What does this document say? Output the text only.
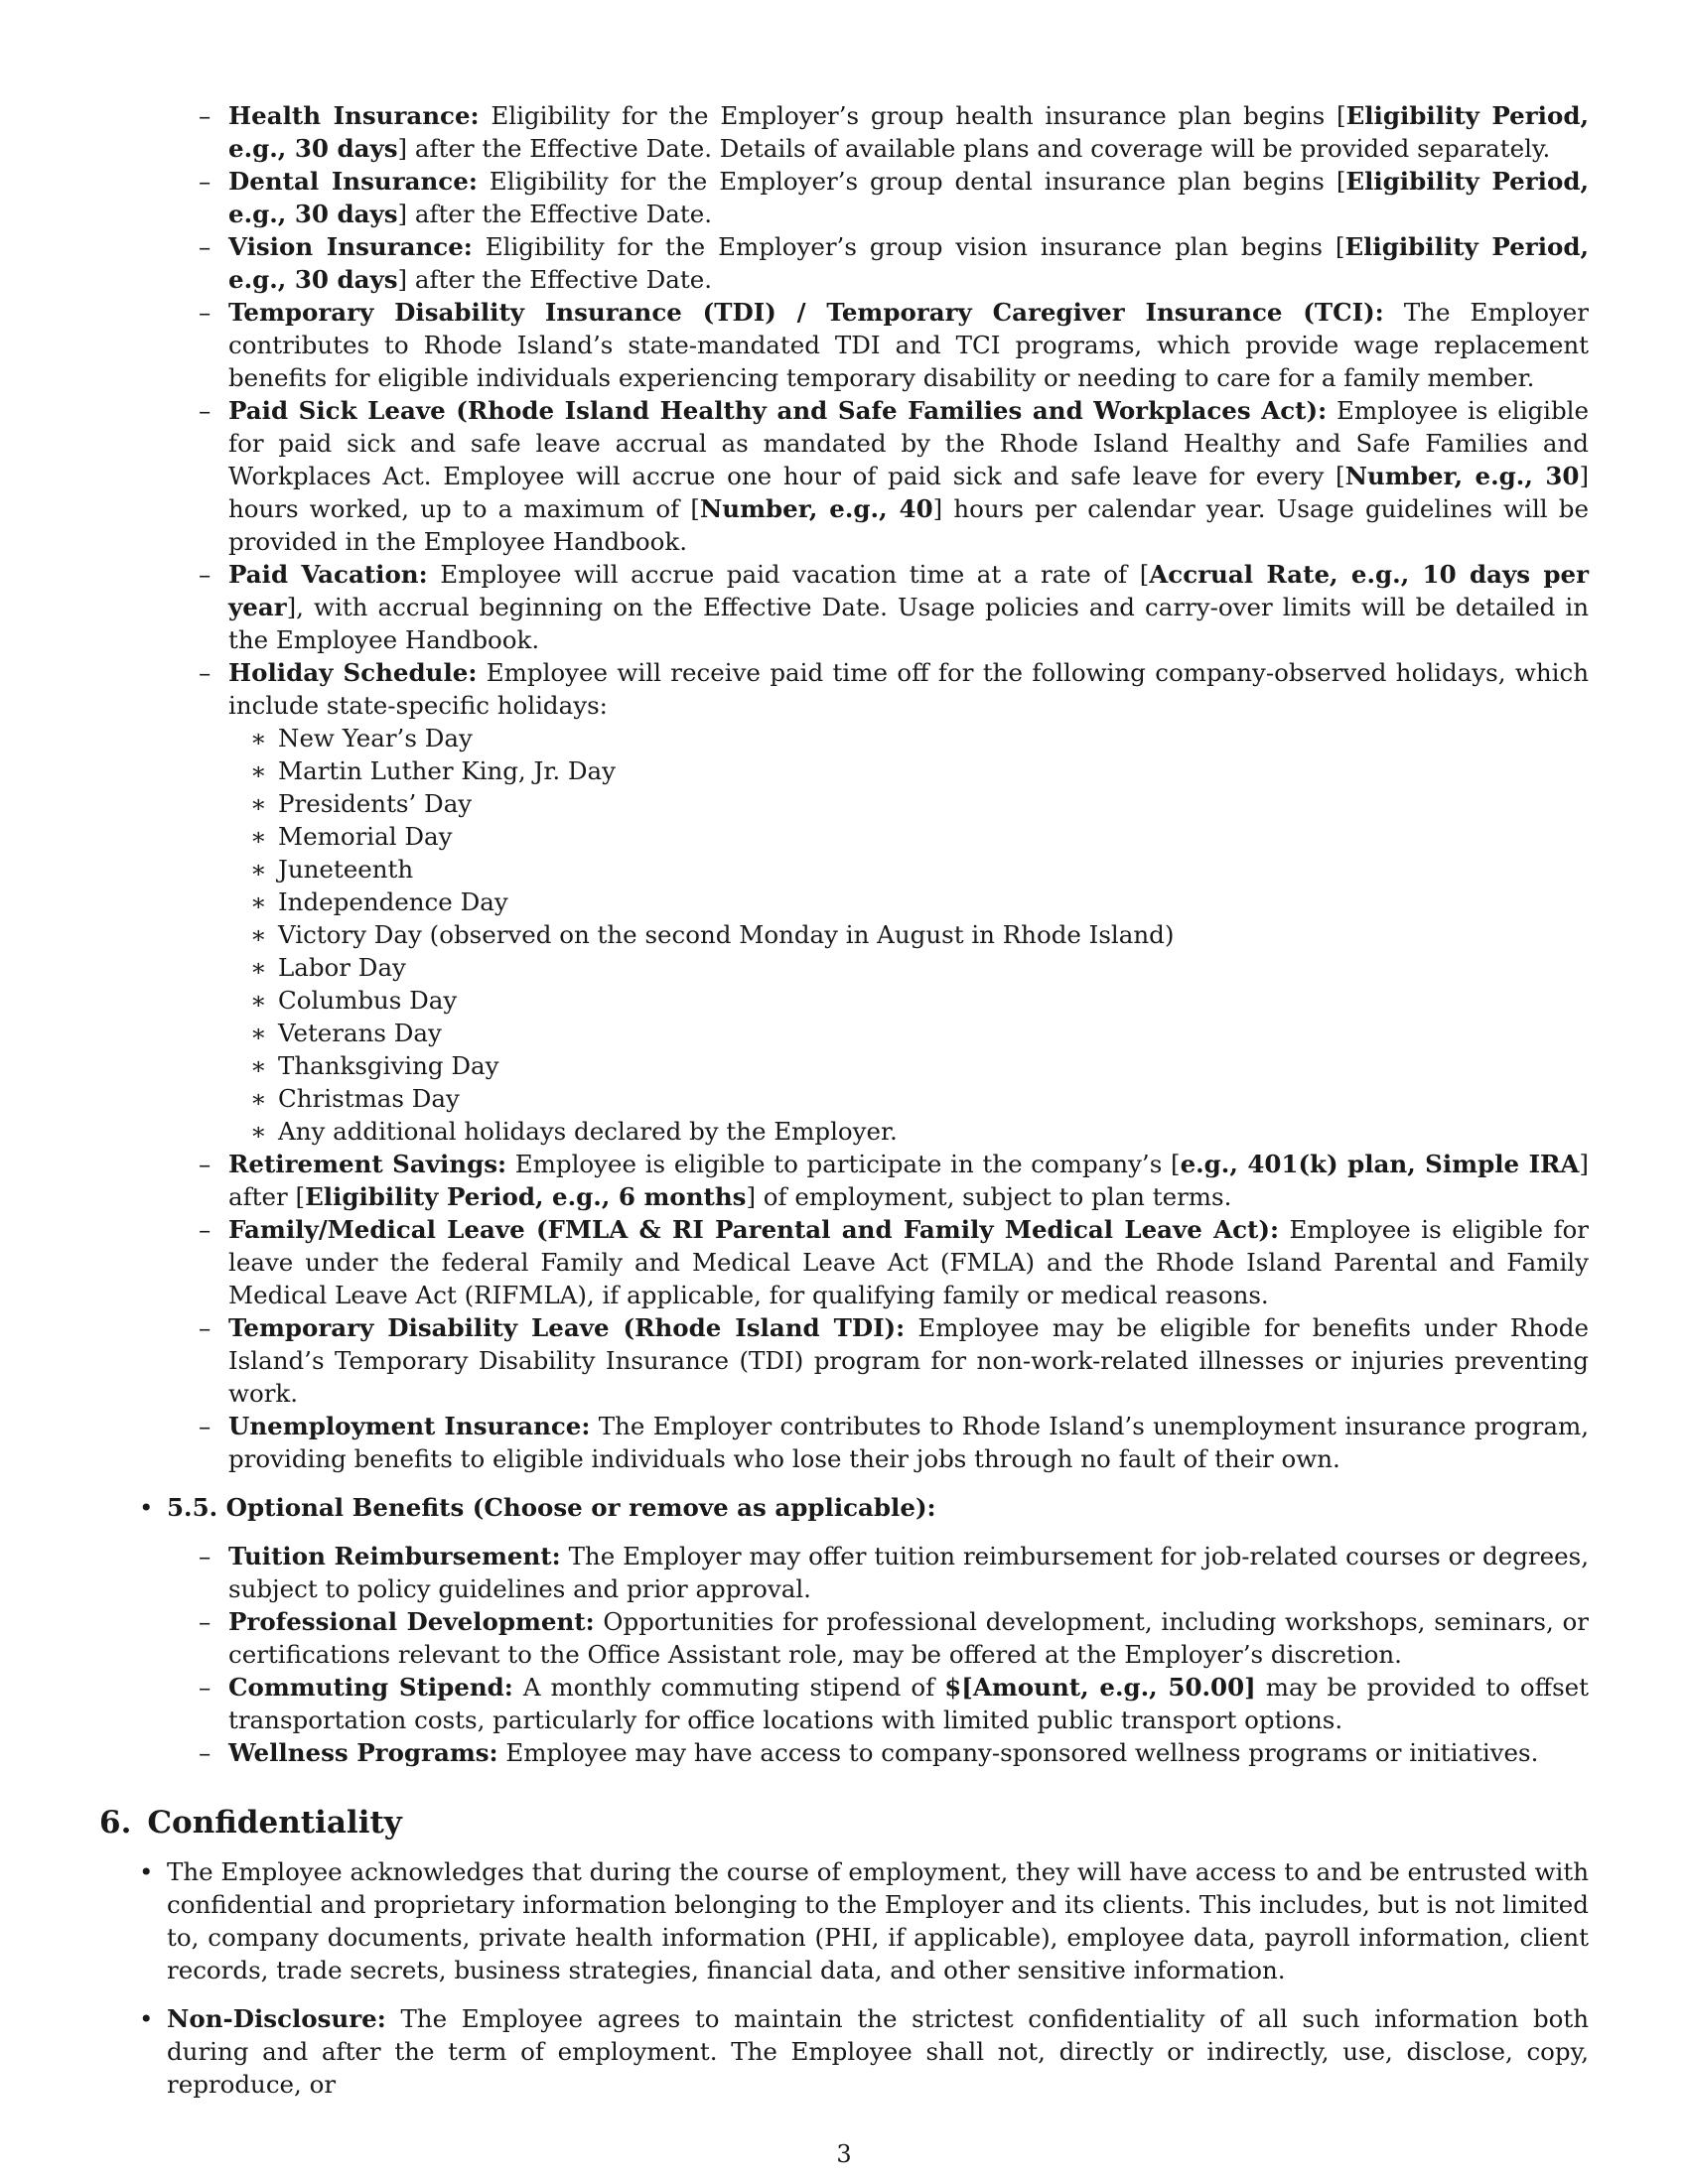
– Health Insurance: Eligibility for the Employer’s group health insurance plan begins [Eligibility Period, e.g., 30 days] after the Effective Date. Details of available plans and coverage will be provided separately.
– Dental Insurance: Eligibility for the Employer’s group dental insurance plan begins [Eligibility Period, e.g., 30 days] after the Effective Date.
– Vision Insurance: Eligibility for the Employer’s group vision insurance plan begins [Eligibility Period, e.g., 30 days] after the Effective Date.
– Temporary Disability Insurance (TDI) / Temporary Caregiver Insurance (TCI): The Employer contributes to Rhode Island’s state-mandated TDI and TCI programs, which provide wage replacement benefits for eligible individuals experiencing temporary disability or needing to care for a family member.
– Paid Sick Leave (Rhode Island Healthy and Safe Families and Workplaces Act): Employee is eligible for paid sick and safe leave accrual as mandated by the Rhode Island Healthy and Safe Families and Workplaces Act. Employee will accrue one hour of paid sick and safe leave for every [Number, e.g., 30] hours worked, up to a maximum of [Number, e.g., 40] hours per calendar year. Usage guidelines will be provided in the Employee Handbook.
– Paid Vacation: Employee will accrue paid vacation time at a rate of [Accrual Rate, e.g., 10 days per year], with accrual beginning on the Effective Date. Usage policies and carry-over limits will be detailed in the Employee Handbook.
– Holiday Schedule: Employee will receive paid time off for the following company-observed holidays, which include state-specific holidays:
∗ New Year’s Day
∗ Martin Luther King, Jr. Day
∗ Presidents’ Day
∗ Memorial Day
∗ Juneteenth
∗ Independence Day
∗ Victory Day (observed on the second Monday in August in Rhode Island)
∗ Labor Day
∗ Columbus Day
∗ Veterans Day
∗ Thanksgiving Day
∗ Christmas Day
∗ Any additional holidays declared by the Employer.
– Retirement Savings: Employee is eligible to participate in the company’s [e.g., 401(k) plan, Simple IRA] after [Eligibility Period, e.g., 6 months] of employment, subject to plan terms.
– Family/Medical Leave (FMLA & RI Parental and Family Medical Leave Act): Employee is eligible for leave under the federal Family and Medical Leave Act (FMLA) and the Rhode Island Parental and Family Medical Leave Act (RIFMLA), if applicable, for qualifying family or medical reasons.
– Temporary Disability Leave (Rhode Island TDI): Employee may be eligible for benefits under Rhode Island’s Temporary Disability Insurance (TDI) program for non-work-related illnesses or injuries preventing work.
– Unemployment Insurance: The Employer contributes to Rhode Island’s unemployment insurance program, providing benefits to eligible individuals who lose their jobs through no fault of their own.
• 5.5. Optional Benefits (Choose or remove as applicable):
– Tuition Reimbursement: The Employer may offer tuition reimbursement for job-related courses or degrees, subject to policy guidelines and prior approval.
– Professional Development: Opportunities for professional development, including workshops, seminars, or certifications relevant to the Office Assistant role, may be offered at the Employer’s discretion.
– Commuting Stipend: A monthly commuting stipend of $[Amount, e.g., 50.00] may be provided to offset transportation costs, particularly for office locations with limited public transport options.
– Wellness Programs: Employee may have access to company-sponsored wellness programs or initiatives.
6. Confidentiality
• The Employee acknowledges that during the course of employment, they will have access to and be entrusted with confidential and proprietary information belonging to the Employer and its clients. This includes, but is not limited to, company documents, private health information (PHI, if applicable), employee data, payroll information, client records, trade secrets, business strategies, financial data, and other sensitive information.
• Non-Disclosure: The Employee agrees to maintain the strictest confidentiality of all such information both during and after the term of employment. The Employee shall not, directly or indirectly, use, disclose, copy, reproduce, or
3
